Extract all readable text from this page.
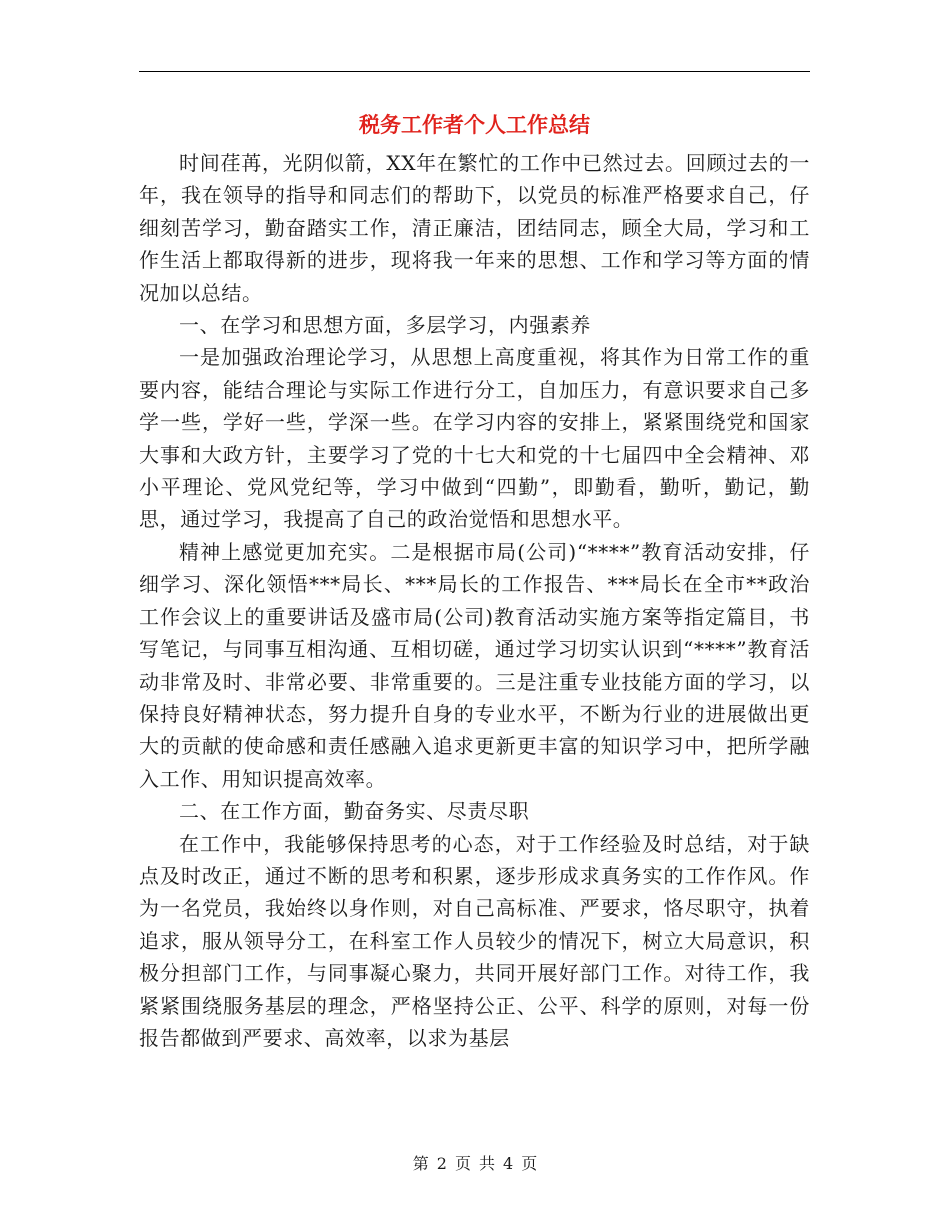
税务工作者个人工作总结

时间荏苒，光阴似箭，XX年在繁忙的工作中已然过去。回顾过去的一年，我在领导的指导和同志们的帮助下，以党员的标准严格要求自己，仔细刻苦学习，勤奋踏实工作，清正廉洁，团结同志，顾全大局，学习和工作生活上都取得新的进步，现将我一年来的思想、工作和学习等方面的情况加以总结。

一、在学习和思想方面，多层学习，内强素养

一是加强政治理论学习，从思想上高度重视，将其作为日常工作的重要内容，能结合理论与实际工作进行分工，自加压力，有意识要求自己多学一些，学好一些，学深一些。在学习内容的安排上，紧紧围绕党和国家大事和大政方针，主要学习了党的十七大和党的十七届四中全会精神、邓小平理论、党风党纪等，学习中做到“四勤”，即勤看，勤听，勤记，勤思，通过学习，我提高了自己的政治觉悟和思想水平。

精神上感觉更加充实。二是根据市局(公司)“****”教育活动安排，仔细学习、深化领悟***局长、***局长的工作报告、***局长在全市**政治工作会议上的重要讲话及盛市局(公司)教育活动实施方案等指定篇目，书写笔记，与同事互相沟通、互相切磋，通过学习切实认识到“****”教育活动非常及时、非常必要、非常重要的。三是注重专业技能方面的学习，以保持良好精神状态，努力提升自身的专业水平，不断为行业的进展做出更大的贡献的使命感和责任感融入追求更新更丰富的知识学习中，把所学融入工作、用知识提高效率。

二、在工作方面，勤奋务实、尽责尽职

在工作中，我能够保持思考的心态，对于工作经验及时总结，对于缺点及时改正，通过不断的思考和积累，逐步形成求真务实的工作作风。作为一名党员，我始终以身作则，对自己高标准、严要求，恪尽职守，执着追求，服从领导分工，在科室工作人员较少的情况下，树立大局意识，积极分担部门工作，与同事凝心聚力，共同开展好部门工作。对待工作，我紧紧围绕服务基层的理念，严格坚持公正、公平、科学的原则，对每一份报告都做到严要求、高效率，以求为基层

第 2 页 共 4 页
